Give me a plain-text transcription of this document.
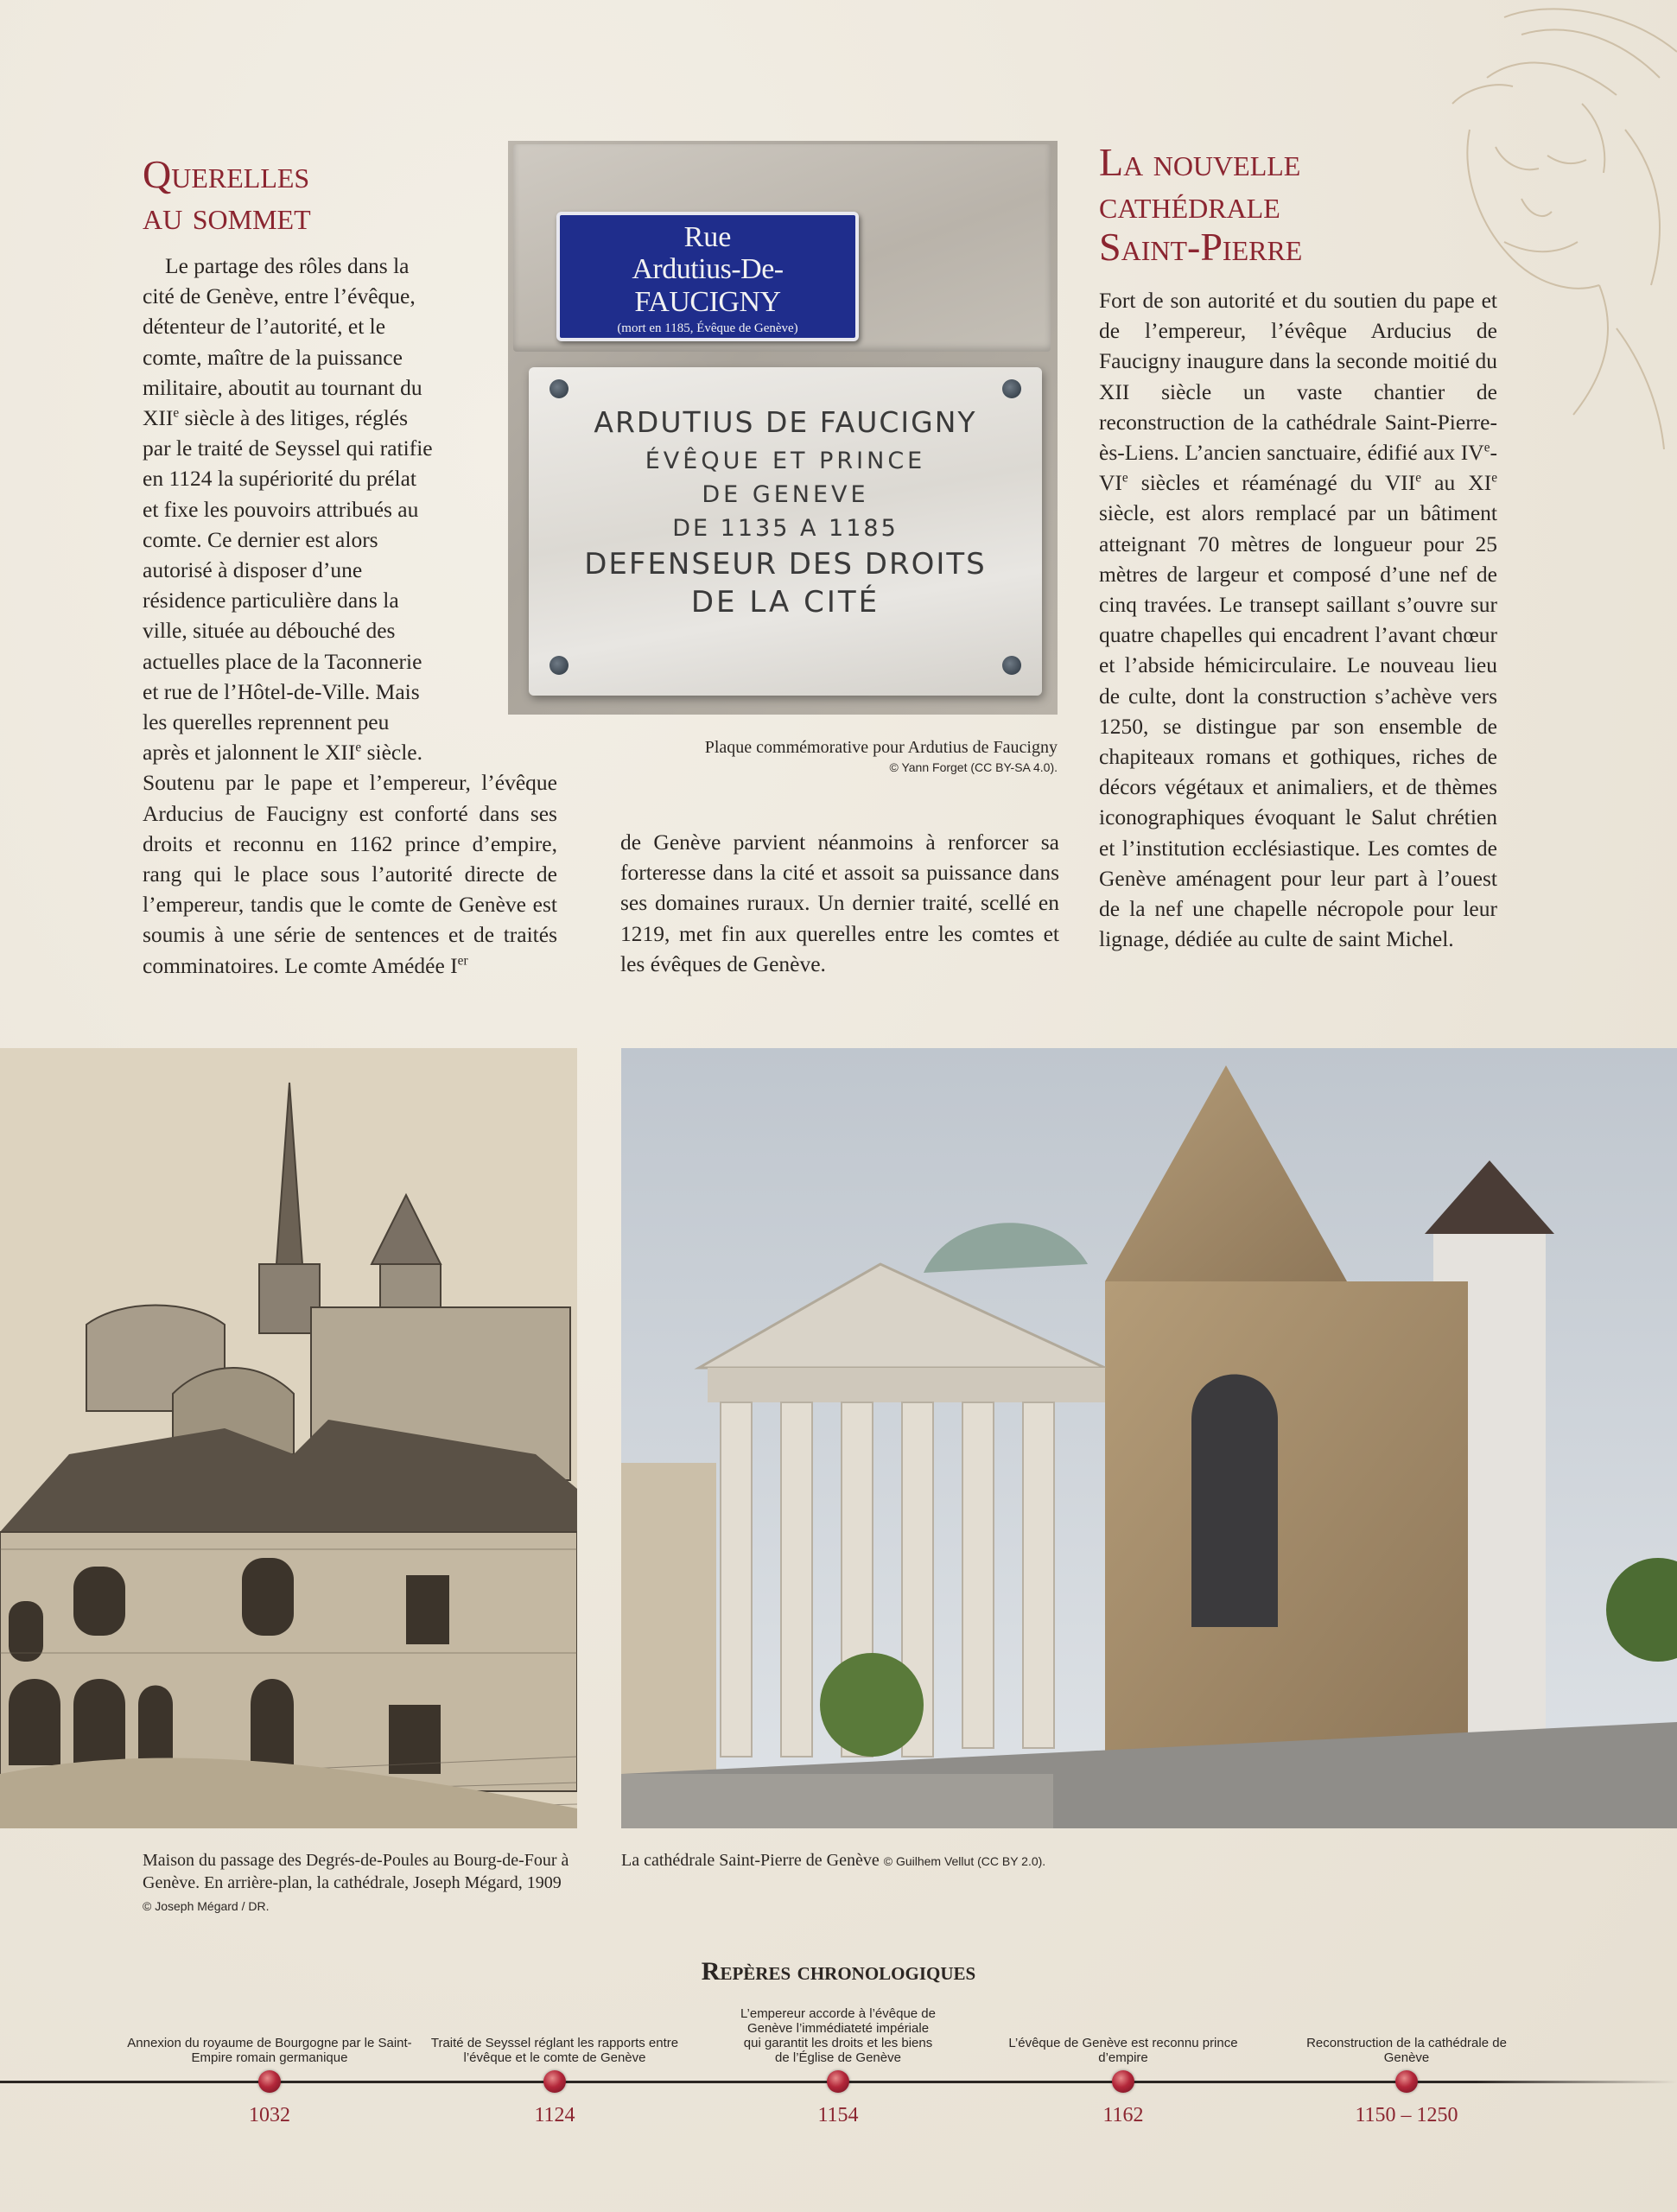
Querelles
au sommet

Le partage des rôles dans la cité de Genève, entre l’évêque, détenteur de l’autorité, et le comte, maître de la puissance militaire, aboutit au tournant du XIIe siècle à des litiges, réglés par le traité de Seyssel qui ratifie en 1124 la supériorité du prélat et fixe les pouvoirs attribués au comte. Ce dernier est alors autorisé à disposer d’une résidence particulière dans la ville, située au débouché des actuelles place de la Taconnerie et rue de l’Hôtel-de-Ville. Mais les querelles reprennent peu après et jalonnent le XIIe siècle.

Soutenu par le pape et l’empereur, l’évêque Arducius de Faucigny est conforté dans ses droits et reconnu en 1162 prince d’empire, rang qui le place sous l’autorité directe de l’empereur, tandis que le comte de Genève est soumis à une série de sentences et de traités comminatoires. Le comte Amédée Ier

Rue
Ardutius-De-FAUCIGNY
(mort en 1185, Évêque de Genève)
ARDUTIUS DE FAUCIGNY
ÉVÊQUE ET PRINCE
DE GENEVE
DE 1135 A 1185
DEFENSEUR DES DROITS
DE LA CITÉ
Plaque commémorative pour Ardutius de Faucigny
© Yann Forget (CC BY-SA 4.0).

de Genève parvient néanmoins à renforcer sa forteresse dans la cité et assoit sa puissance dans ses domaines ruraux. Un dernier traité, scellé en 1219, met fin aux querelles entre les comtes et les évêques de Genève.

La nouvelle
cathédrale
Saint-Pierre

Fort de son autorité et du soutien du pape et de l’empereur, l’évêque Arducius de Faucigny inaugure dans la seconde moitié du XII siècle un vaste chantier de reconstruction de la cathédrale Saint-Pierre-ès-Liens. L’ancien sanctuaire, édifié aux IVe-VIe siècles et réaménagé du VIIe au XIe siècle, est alors remplacé par un bâtiment atteignant 70 mètres de longueur pour 25 mètres de largeur et composé d’une nef de cinq travées. Le transept saillant s’ouvre sur quatre chapelles qui encadrent l’avant chœur et l’abside hémicirculaire. Le nouveau lieu de culte, dont la construction s’achève vers 1250, se distingue par son ensemble de chapiteaux romans et gothiques, riches de décors végétaux et animaliers, et de thèmes iconographiques évoquant le Salut chrétien et l’institution ecclésiastique. Les comtes de Genève aménagent pour leur part à l’ouest de la nef une chapelle nécropole pour leur lignage, dédiée au culte de saint Michel.

Maison du passage des Degrés-de-Poules au Bourg-de-Four à Genève. En arrière-plan, la cathédrale, Joseph Mégard, 1909 © Joseph Mégard / DR.
La cathédrale Saint-Pierre de Genève © Guilhem Vellut (CC BY 2.0).
Repères chronologiques
Annexion du royaume de Bourgogne par le Saint-Empire romain germanique
1032
Traité de Seyssel réglant les rapports entre l’évêque et le comte de Genève
1124
L’empereur accorde à l’évêque de Genève l’immédiateté impériale qui garantit les droits et les biens de l’Église de Genève
1154
L’évêque de Genève est reconnu prince d’empire
1162
Reconstruction de la cathédrale de Genève
1150 – 1250
